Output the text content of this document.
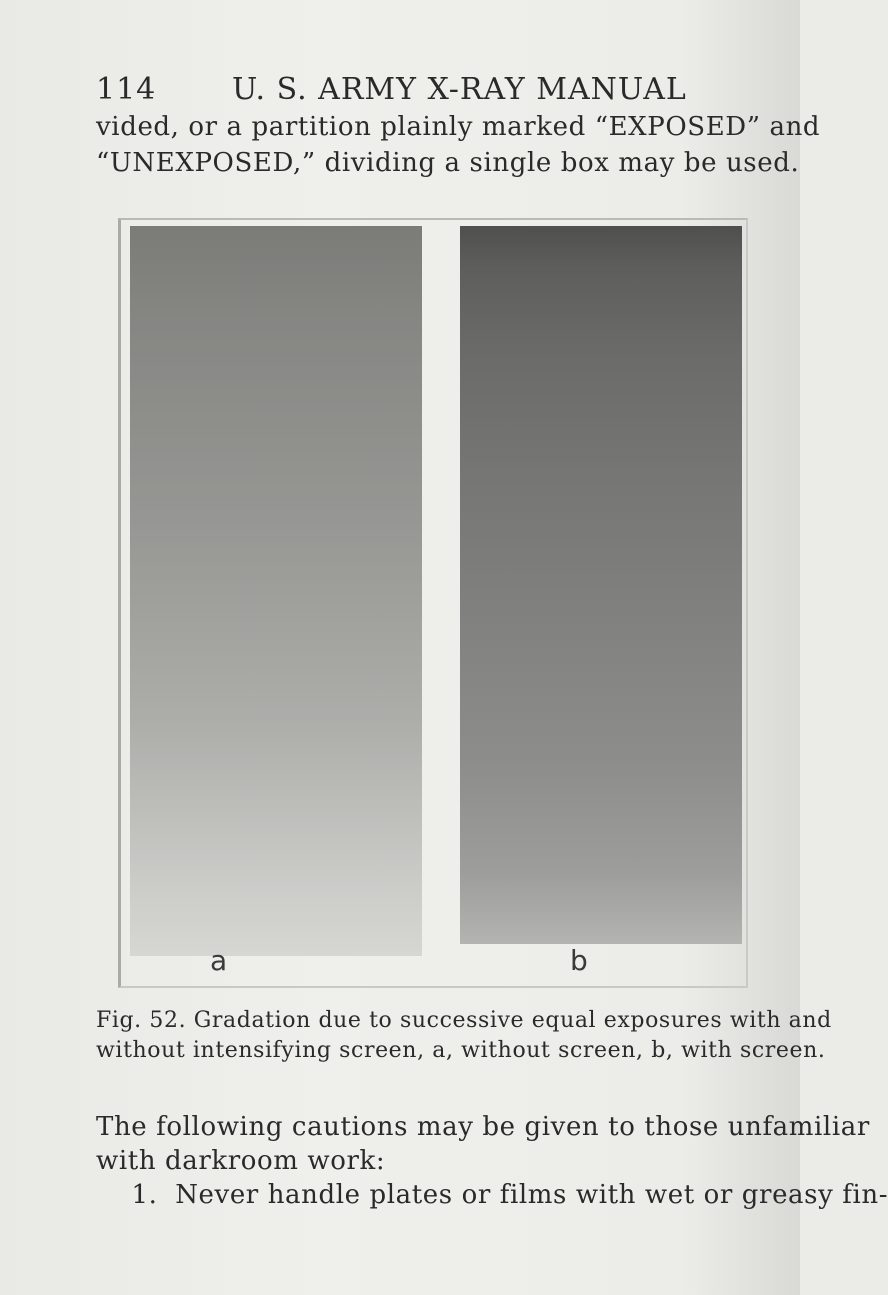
114	U. S. ARMY X-RAY MANUAL
vided, or a partition plainly marked “EXPOSED” and
“UNEXPOSED,” dividing a single box may be used.
a	b
Fig. 52. Gradation due to successive equal exposures with and
without intensifying screen, a, without screen, b, with screen.
The following cautions may be given to those unfamiliar
with darkroom work:
1.  Never handle plates or films with wet or greasy fin-
